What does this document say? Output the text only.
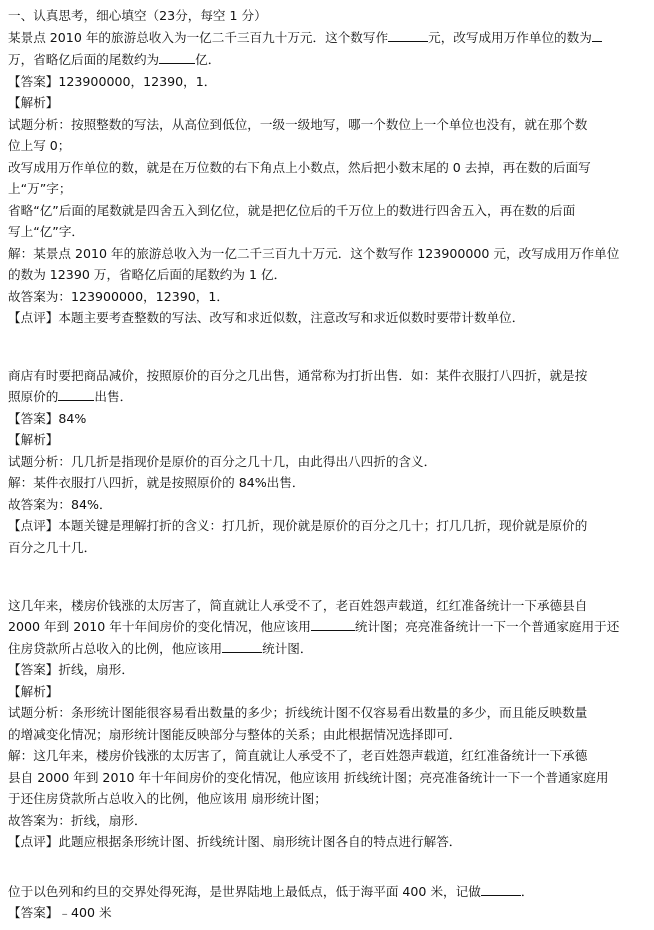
一、认真思考，细心填空（23分，每空 1 分）
某景点 2010 年的旅游总收入为一亿二千三百九十万元．这个数写作	元，改写成用万作单位的数为
万，省略亿后面的尾数约为	亿．
【答案】123900000，12390，1．
【解析】
试题分析：按照整数的写法，从高位到低位，一级一级地写，哪一个数位上一个单位也没有，就在那个数
位上写 0；
改写成用万作单位的数，就是在万位数的右下角点上小数点，然后把小数末尾的 0 去掉，再在数的后面写
上“万”字；
省略“亿”后面的尾数就是四舍五入到亿位，就是把亿位后的千万位上的数进行四舍五入，再在数的后面
写上“亿”字．
解：某景点 2010 年的旅游总收入为一亿二千三百九十万元．这个数写作 123900000 元，改写成用万作单位
的数为 12390 万，省略亿后面的尾数约为 1 亿．
故答案为：123900000，12390，1．
【点评】本题主要考查整数的写法、改写和求近似数，注意改写和求近似数时要带计数单位．
商店有时要把商品减价，按照原价的百分之几出售，通常称为打折出售．如：某件衣服打八四折，就是按
照原价的	出售．
【答案】84%
【解析】
试题分析：几几折是指现价是原价的百分之几十几，由此得出八四折的含义．
解：某件衣服打八四折，就是按照原价的 84%出售．
故答案为：84%．
【点评】本题关键是理解打折的含义：打几折，现价就是原价的百分之几十；打几几折，现价就是原价的
百分之几十几．
这几年来，楼房价钱涨的太厉害了，简直就让人承受不了，老百姓怨声载道，红红准备统计一下承德县自
2000 年到 2010 年十年间房价的变化情况，他应该用	统计图；亮亮准备统计一下一个普通家庭用于还
住房贷款所占总收入的比例，他应该用	统计图．
【答案】折线，扇形．
【解析】
试题分析：条形统计图能很容易看出数量的多少；折线统计图不仅容易看出数量的多少，而且能反映数量
的增减变化情况；扇形统计图能反映部分与整体的关系；由此根据情况选择即可．
解：这几年来，楼房价钱涨的太厉害了，简直就让人承受不了，老百姓怨声载道，红红准备统计一下承德
县自 2000 年到 2010 年十年间房价的变化情况，他应该用 折线统计图；亮亮准备统计一下一个普通家庭用
于还住房贷款所占总收入的比例，他应该用 扇形统计图；
故答案为：折线，扇形．
【点评】此题应根据条形统计图、折线统计图、扇形统计图各自的特点进行解答．
位于以色列和约旦的交界处得死海，是世界陆地上最低点，低于海平面 400 米，记做	．
【答案】﹣400 米
